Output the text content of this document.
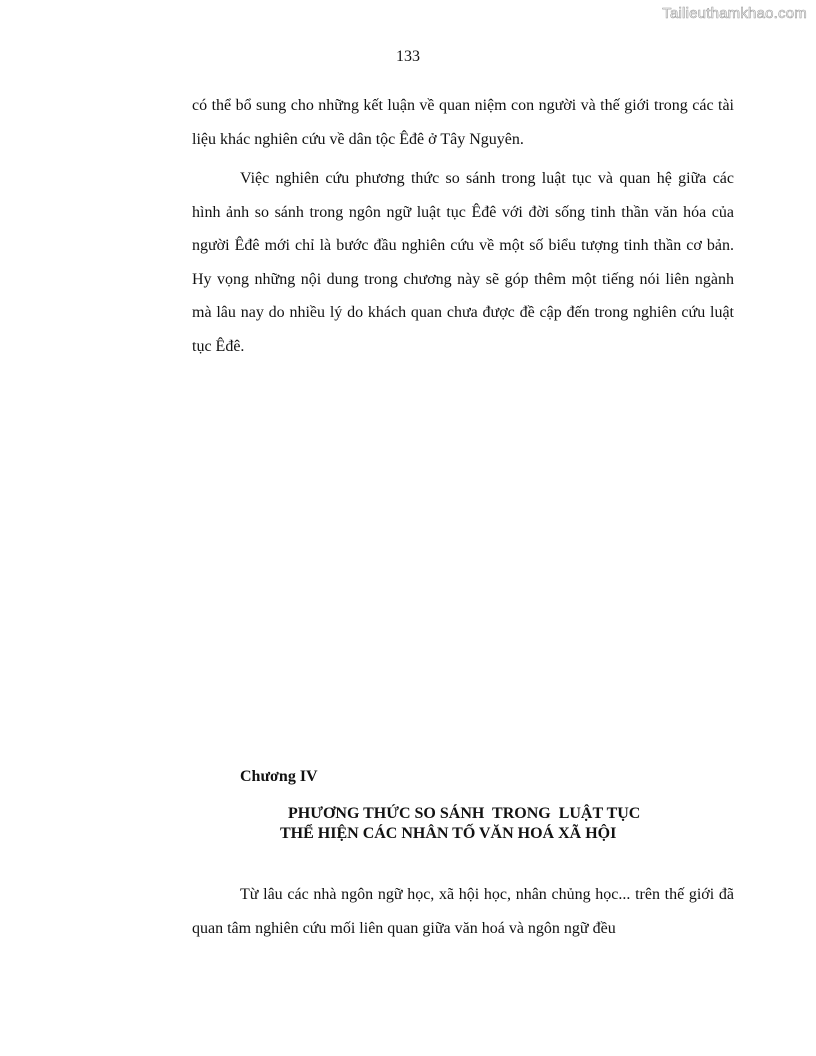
Tailieuthamkhao.com
133

có thể bổ sung cho những kết luận về quan niệm con người và thế giới trong các tài liệu khác nghiên cứu về dân tộc Êđê ở Tây Nguyên.

Việc nghiên cứu phương thức so sánh trong luật tục và quan hệ giữa các hình ảnh so sánh trong ngôn ngữ luật tục Êđê với đời sống tinh thần văn hóa của người Êđê mới chỉ là bước đầu nghiên cứu về một số biểu tượng tinh thần cơ bản. Hy vọng những nội dung trong chương này sẽ góp thêm một tiếng nói liên ngành mà lâu nay do nhiều lý do khách quan chưa được đề cập đến trong nghiên cứu luật tục Êđê.

Chương IV

PHƯƠNG THỨC SO SÁNH  TRONG  LUẬT TỤC

THỂ HIỆN CÁC NHÂN TỐ VĂN HOÁ XÃ HỘI

Từ lâu các nhà ngôn ngữ học, xã hội học, nhân chủng học... trên thế giới đã quan tâm nghiên cứu mối liên quan giữa văn hoá và ngôn ngữ đều
